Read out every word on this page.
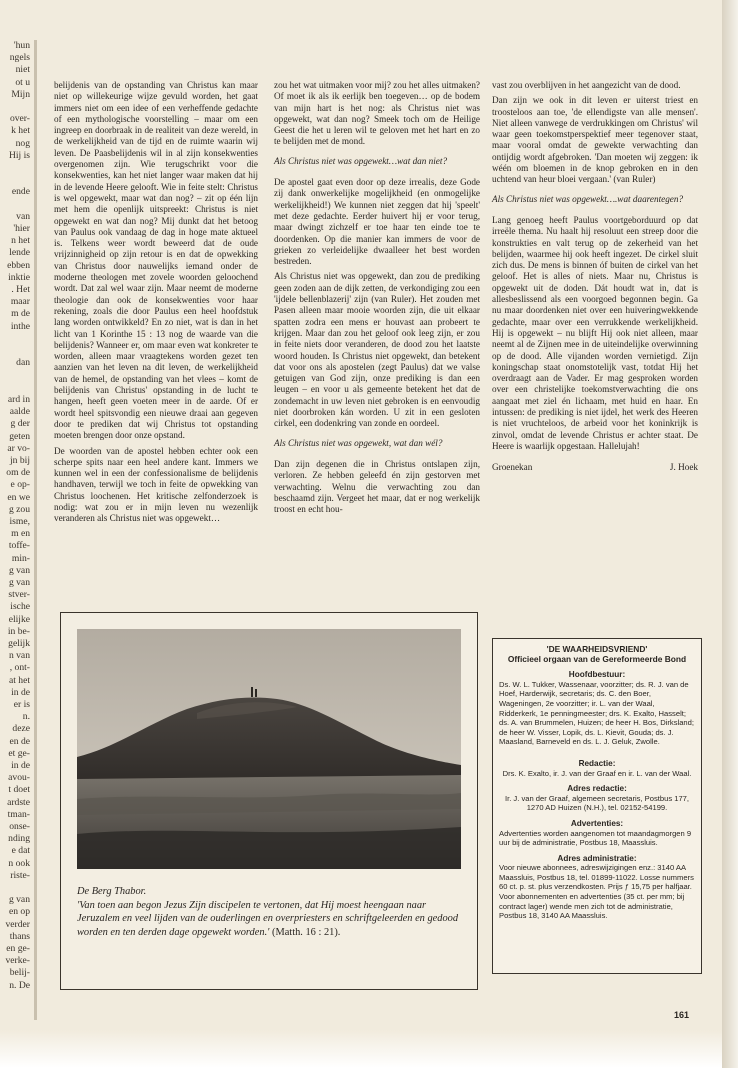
'hun
ngels
niet
ot u
Mijn

over-
k het
nog
Hij is

ende

van
'hier
n het
lende
ebben
inktie
. Het
maar
m de
inthe

dan

ard in
aalde
g der
geten
ar vo-
jn bij
om de
e op-
en we
g zou
isme,
m en
toffe-
min-
g van
g van
stver-
ische
elijke
in be-
gelijk
n van
, ont-
at het
in de
er is
n.
deze
en de
et ge-
in de
avou-
t doet
ardste
tman-
onse-
nding
e dat
n ook
riste-

g van
en op
verder
thans
en ge-
verke-
belij-
n. De

belijdenis van de opstanding van Christus kan maar niet op willekeurige wijze gevuld worden, het gaat immers niet om een idee of een verheffende gedachte of een mythologische voorstelling – maar om een ingreep en doorbraak in de realiteit van deze wereld, in de werkelijkheid van de tijd en de ruimte waarin wij leven. De Paasbelijdenis wil in al zijn konsekwenties overgenomen zijn. Wie terugschrikt voor die konsekwenties, kan het niet langer waar maken dat hij in de levende Heere gelooft. Wie in feite stelt: Christus is wel opgewekt, maar wat dan nog? – zit op één lijn met hem die openlijk uitspreekt: Christus is niet opgewekt en wat dan nog? Mij dunkt dat het betoog van Paulus ook vandaag de dag in hoge mate aktueel is. Telkens weer wordt beweerd dat de oude vrijzinnigheid op zijn retour is en dat de opwekking van Christus door nauwelijks iemand onder de moderne theologen met zovele woorden geloochend wordt. Dat zal wel waar zijn. Maar neemt de moderne theologie dan ook de konsekwenties voor haar rekening, zoals die door Paulus een heel hoofdstuk lang worden ontwikkeld? En zo niet, wat is dan in het licht van 1 Korinthe 15 : 13 nog de waarde van die belijdenis? Wanneer er, om maar even wat konkreter te worden, alleen maar vraagtekens worden gezet ten aanzien van het leven na dit leven, de werkelijkheid van de hemel, de opstanding van het vlees – komt de belijdenis van Christus' opstanding in de lucht te hangen, heeft geen voeten meer in de aarde. Of er wordt heel spitsvondig een nieuwe draai aan gegeven door te prediken dat wij Christus tot opstanding moeten brengen door onze opstand.

De woorden van de apostel hebben echter ook een scherpe spits naar een heel andere kant. Immers we kunnen wel in een der confessionalisme de belijdenis handhaven, terwijl we toch in feite de opwekking van Christus loochenen. Het kritische zelfonderzoek is nodig: wat zou er in mijn leven nu wezenlijk veranderen als Christus niet was opgewekt…

zou het wat uitmaken voor mij? zou het alles uitmaken? Of moet ik als ik eerlijk ben toegeven… op de bodem van mijn hart is het nog: als Christus niet was opgewekt, wat dan nog? Smeek toch om de Heilige Geest die het u leren wil te geloven met het hart en zo te belijden met de mond.

Als Christus niet was opgewekt…wat dan niet?

De apostel gaat even door op deze irrealis, deze Gode zij dank onwerkelijke mogelijkheid (en onmogelijke werkelijkheid!) We kunnen niet zeggen dat hij 'speelt' met deze gedachte. Eerder huivert hij er voor terug, maar dwingt zichzelf er toe haar ten einde toe te doordenken. Op die manier kan immers de voor de grieken zo verleidelijke dwaalleer het best worden bestreden.

Als Christus niet was opgewekt, dan zou de prediking geen zoden aan de dijk zetten, de verkondiging zou een 'ijdele bellenblazerij' zijn (van Ruler). Het zouden met Pasen alleen maar mooie woorden zijn, die uit elkaar spatten zodra een mens er houvast aan probeert te krijgen. Maar dan zou het geloof ook leeg zijn, er zou in feite niets door veranderen, de dood zou het laatste woord houden. Is Christus niet opgewekt, dan betekent dat voor ons als apostelen (zegt Paulus) dat we valse getuigen van God zijn, onze prediking is dan een leugen – en voor u als gemeente betekent het dat de zondemacht in uw leven niet gebroken is en eenvoudig niet doorbroken kán worden. U zit in een gesloten cirkel, een dodenkring van zonde en oordeel.

Als Christus niet was opgewekt, wat dan wél?

Dan zijn degenen die in Christus ontslapen zijn, verloren. Ze hebben geleefd én zijn gestorven met verwachting. Welnu die verwachting zou dan beschaamd zijn. Vergeet het maar, dat er nog werkelijk troost en echt hou-

vast zou overblijven in het aangezicht van de dood.

Dan zijn we ook in dit leven er uiterst triest en troosteloos aan toe, 'de ellendigste van alle mensen'. Niet alleen vanwege de verdrukkingen om Christus' wil waar geen toekomstperspektief meer tegenover staat, maar vooral omdat de gewekte verwachting dan ontijdig wordt afgebroken. 'Dan moeten wij zeggen: ik wéén om bloemen in de knop gebroken en in den uchtend van heur bloei vergaan.' (van Ruler)

Als Christus niet was opgewekt….wat daarentegen?

Lang genoeg heeft Paulus voortgeborduurd op dat irreële thema. Nu haalt hij resoluut een streep door die konstrukties en valt terug op de zekerheid van het belijden, waarmee hij ook heeft ingezet. De cirkel sluit zich dus. De mens is binnen óf buiten de cirkel van het geloof. Het is alles of niets. Maar nu, Christus is opgewekt uit de doden. Dát houdt wat in, dat is allesbeslissend als een voorgoed begonnen begin. Ga nu maar doordenken niet over een huiveringwekkende gedachte, maar over een verrukkende werkelijkheid. Hij is opgewekt – nu blijft Hij ook niet alleen, maar neemt al de Zijnen mee in de uiteindelijke overwinning op de dood. Alle vijanden worden vernietigd. Zijn koningschap staat onomstotelijk vast, totdat Hij het overdraagt aan de Vader. Er mag gesproken worden over een christelijke toekomstverwachting die ons aangaat met ziel én lichaam, met huid en haar. En intussen: de prediking is niet ijdel, het werk des Heeren is niet vruchteloos, de arbeid voor het koninkrijk is zinvol, omdat de levende Christus er achter staat. De Heere is waarlijk opgestaan. Hallelujah!

Groenekan	J. Hoek
De Berg Thabor.
'Van toen aan begon Jezus Zijn discipelen te vertonen, dat Hij moest heengaan naar Jeruzalem en veel lijden van de ouderlingen en overpriesters en schriftgeleerden en gedood worden en ten derden dage opgewekt worden.' (Matth. 16 : 21).
'DE WAARHEIDSVRIEND'
Officieel orgaan van de Gereformeerde Bond
Hoofdbestuur:
Ds. W. L. Tukker, Wassenaar, voorzitter; ds. R. J. van de Hoef, Harderwijk, secretaris; ds. C. den Boer, Wageningen, 2e voorzitter; ir. L. van der Waal, Ridderkerk, 1e penningmeester; drs. K. Exalto, Hasselt; ds. A. van Brummelen, Huizen; de heer H. Bos, Dirksland; de heer W. Visser, Lopik, ds. L. Kievit, Gouda; ds. J. Maasland, Barneveld en ds. L. J. Geluk, Zwolle.
Redactie:
Drs. K. Exalto, ir. J. van der Graaf en ir. L. van der Waal.
Adres redactie:
Ir. J. van der Graaf, algemeen secretaris, Postbus 177, 1270 AD Huizen (N.H.), tel. 02152-54199.
Advertenties:
Advertenties worden aangenomen tot maandagmorgen 9 uur bij de administratie, Postbus 18, Maassluis.
Adres administratie:
Voor nieuwe abonnees, adreswijzigingen enz.: 3140 AA Maassluis, Postbus 18, tel. 01899-11022. Losse nummers 60 ct. p. st. plus verzendkosten. Prijs ƒ 15,75 per halfjaar. Voor abonnementen en advertenties (35 ct. per mm; bij contract lager) wende men zich tot de administratie, Postbus 18, 3140 AA Maassluis.
161
